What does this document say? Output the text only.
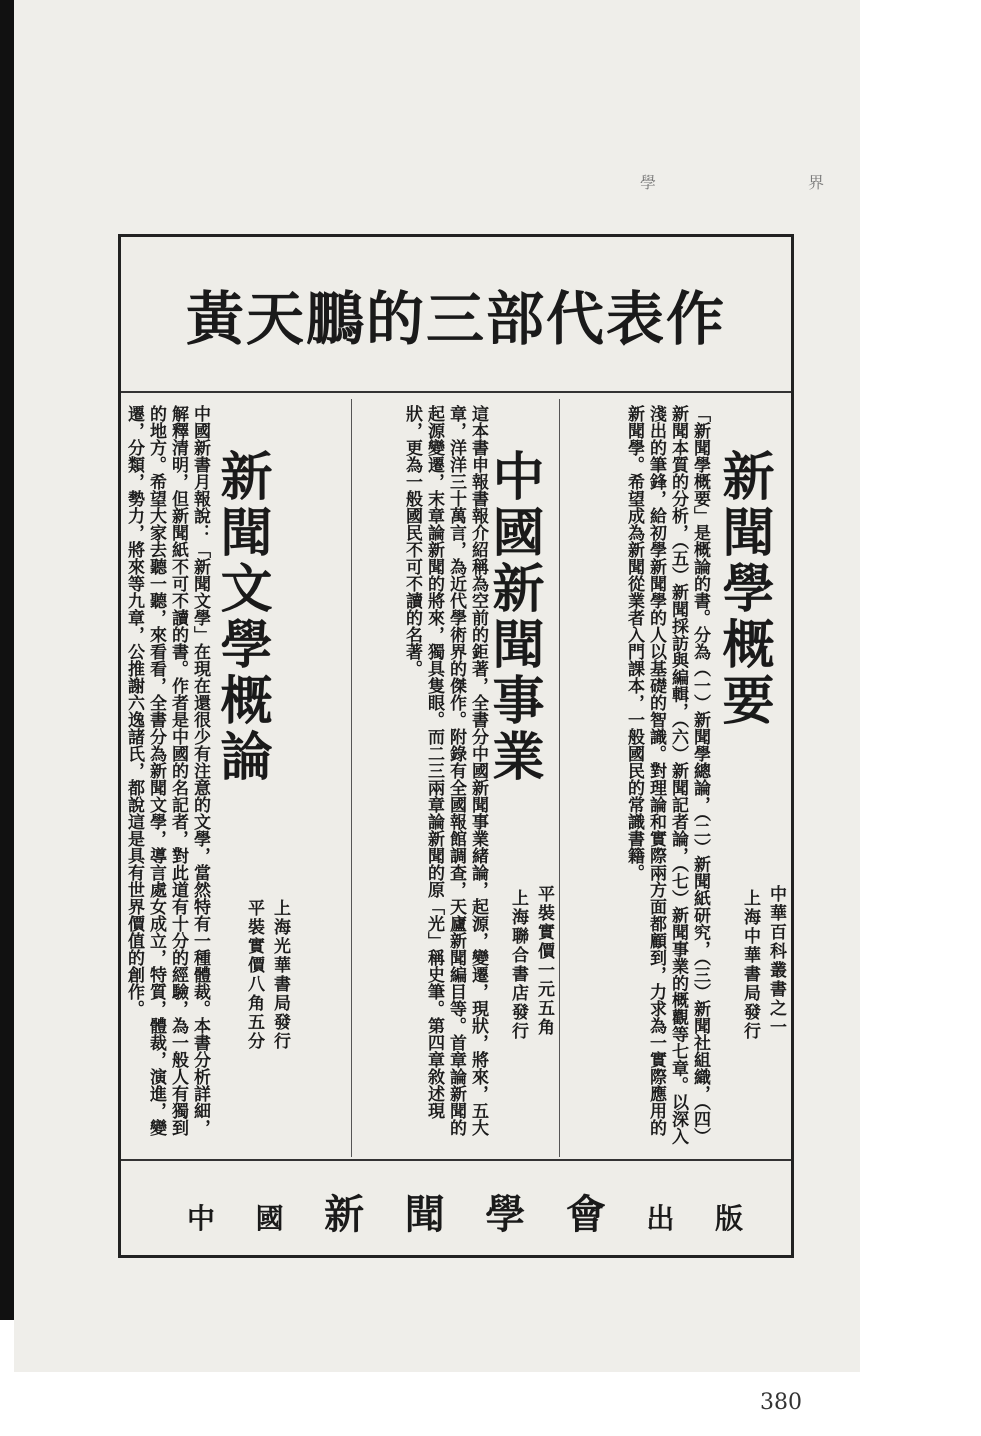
學　　界
黃天鵬的三部代表作
新聞學概要
中華百科叢書之一
上海中華書局發行
「新聞學概要」是概論的書。分為（一）新聞學總論，（二）新聞紙研究，（三）新聞社組織，（四）新聞本質的分析，（五）新聞採訪與編輯，（六）新聞記者論，（七）新聞事業的概觀等七章。以深入淺出的筆鋒，給初學新聞學的人以基礎的智識。對理論和實際兩方面都顧到，力求為一實際應用的新聞學。希望成為新聞從業者入門課本，一般國民的常識書籍。
中國新聞事業
平裝實價一元五角
上海聯合書店發行
這本書申報書報介紹稱為空前的鉅著，全書分中國新聞事業緒論，起源，變遷，現狀，將來，五大章，洋洋三十萬言，為近代學術界的傑作。附錄有全國報館調查，天廬新聞編目等。首章論新聞的起源變遷，末章論新聞的將來，獨具隻眼。而二三兩章論新聞的原「光」稱史筆。第四章敘述現狀，更為一般國民不可不讀的名著。
新聞文學概論
平裝實價八角五分 上海光華書局發行
中國新書月報說：「新聞文學」在現在還很少有注意的文學，當然特有一種體裁。本書分析詳細，解釋清明，但新聞紙不可不讀的書。作者是中國的名記者，對此道有十分的經驗，為一般人有獨到的地方。希望大家去聽一聽，來看看，全書分為新聞文學，導言處女成立，特質，體裁，演進，變遷，分類，勢力，將來等九章，公推謝六逸諸氏，都說這是具有世界價值的創作。
中 國 新 聞 學 會 出 版
380
